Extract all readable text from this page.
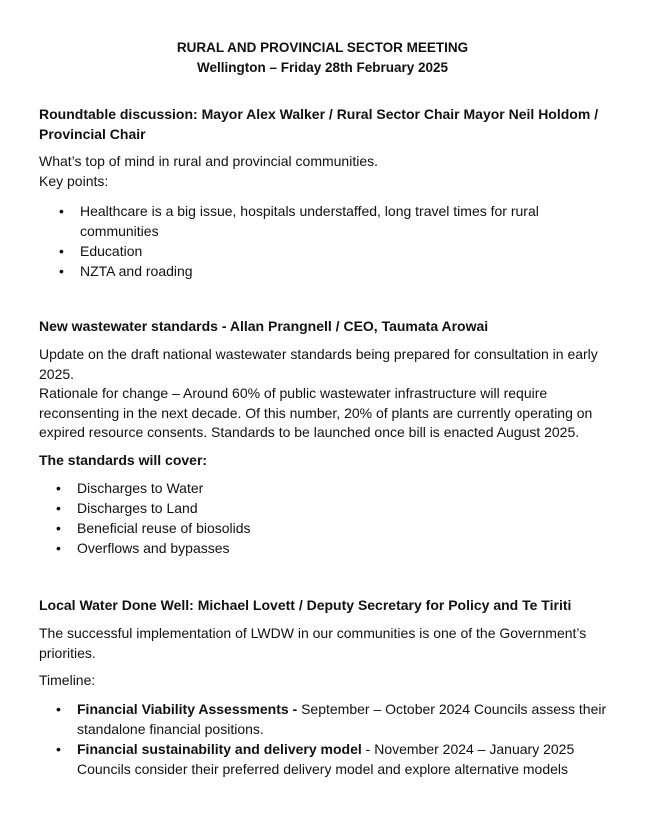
RURAL AND PROVINCIAL SECTOR MEETING
Wellington – Friday 28th February 2025
Roundtable discussion: Mayor Alex Walker / Rural Sector Chair Mayor Neil Holdom / Provincial Chair
What’s top of mind in rural and provincial communities.
Key points:
• Healthcare is a big issue, hospitals understaffed, long travel times for rural communities
• Education
• NZTA and roading
New wastewater standards - Allan Prangnell / CEO, Taumata Arowai
Update on the draft national wastewater standards being prepared for consultation in early 2025.
Rationale for change – Around 60% of public wastewater infrastructure will require reconsenting in the next decade. Of this number, 20% of plants are currently operating on expired resource consents. Standards to be launched once bill is enacted August 2025.
The standards will cover:
• Discharges to Water
• Discharges to Land
• Beneficial reuse of biosolids
• Overflows and bypasses
Local Water Done Well: Michael Lovett / Deputy Secretary for Policy and Te Tiriti
The successful implementation of LWDW in our communities is one of the Government’s priorities.
Timeline:
• Financial Viability Assessments - September – October 2024 Councils assess their standalone financial positions.
• Financial sustainability and delivery model - November 2024 – January 2025 Councils consider their preferred delivery model and explore alternative models
